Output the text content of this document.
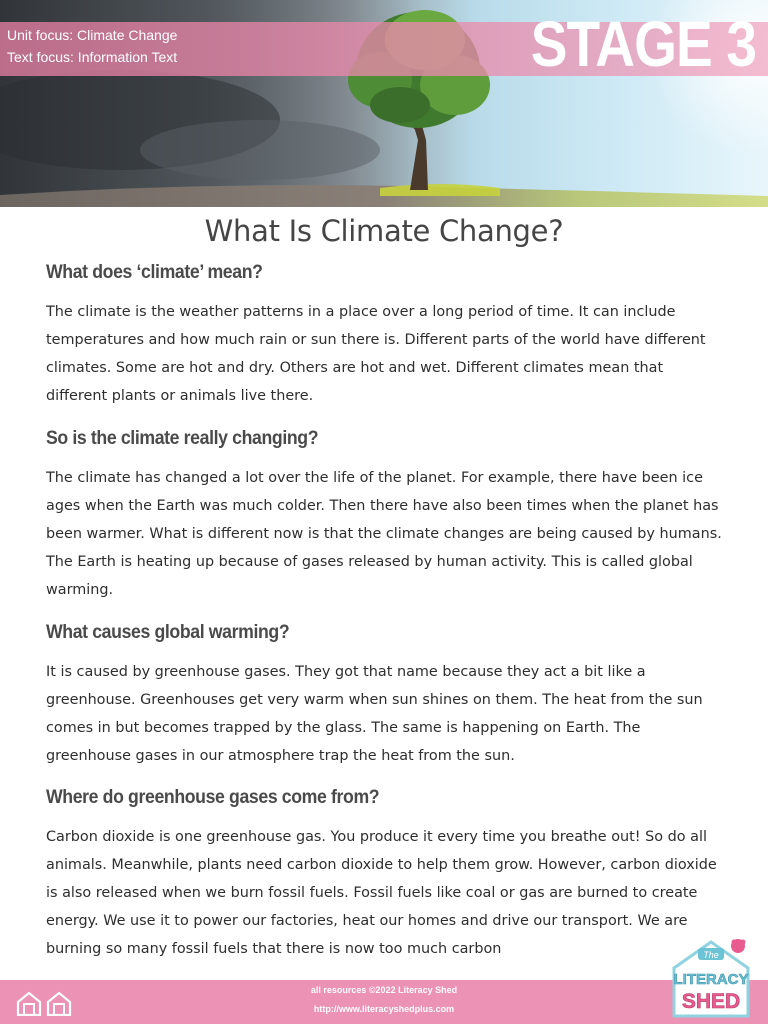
Unit focus: Climate Change
Text focus: Information Text	STAGE 3
What Is Climate Change?
What does ‘climate’ mean?

The climate is the weather patterns in a place over a long period of time. It can include temperatures and how much rain or sun there is. Different parts of the world have different climates. Some are hot and dry. Others are hot and wet. Different climates mean that different plants or animals live there.

So is the climate really changing?

The climate has changed a lot over the life of the planet. For example, there have been ice ages when the Earth was much colder. Then there have also been times when the planet has been warmer. What is different now is that the climate changes are being caused by humans. The Earth is heating up because of gases released by human activity. This is called global warming.

What causes global warming?

It is caused by greenhouse gases. They got that name because they act a bit like a greenhouse. Greenhouses get very warm when sun shines on them. The heat from the sun comes in but becomes trapped by the glass. The same is happening on Earth. The greenhouse gases in our atmosphere trap the heat from the sun.

Where do greenhouse gases come from?

Carbon dioxide is one greenhouse gas. You produce it every time you breathe out! So do all animals. Meanwhile, plants need carbon dioxide to help them grow. However, carbon dioxide is also released when we burn fossil fuels. Fossil fuels like coal or gas are burned to create energy. We use it to power our factories, heat our homes and drive our transport. We are burning so many fossil fuels that there is now too much carbon

all resources ©2022 Literacy Shed
http://www.literacyshedplus.com
The
LITERACY
SHED
